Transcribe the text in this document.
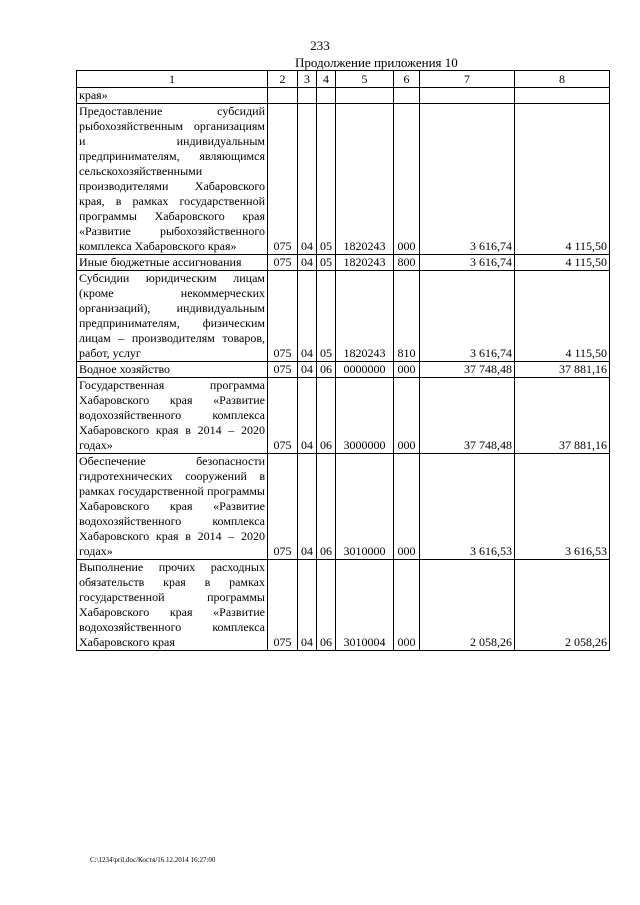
233
Продолжение приложения 10
1	2	3	4	5	6	7	8

края»							

Предоставление субсидий рыбохозяйственным организациям и индивидуальным предпринимателям, являющимся сельскохозяйственными производителями Хабаровского края, в рамках государственной программы Хабаровского края «Развитие рыбохозяйственного комплекса Хабаровского края»	075	04	05	1820243	000	3 616,74	4 115,50

Иные бюджетные ассигнования	075	04	05	1820243	800	3 616,74	4 115,50

Субсидии юридическим лицам (кроме некоммерческих организаций), индивидуальным предпринимателям, физическим лицам – производителям товаров, работ, услуг	075	04	05	1820243	810	3 616,74	4 115,50

Водное хозяйство	075	04	06	0000000	000	37 748,48	37 881,16

Государственная программа Хабаровского края «Развитие водохозяйственного комплекса Хабаровского края в 2014 – 2020 годах»	075	04	06	3000000	000	37 748,48	37 881,16

Обеспечение безопасности гидротехнических сооружений в рамках государственной программы Хабаровского края «Развитие водохозяйственного комплекса Хабаровского края в 2014 – 2020 годах»	075	04	06	3010000	000	3 616,53	3 616,53

Выполнение прочих расходных обязательств края в рамках государственной программы Хабаровского края «Развитие водохозяйственного комплекса Хабаровского края	075	04	06	3010004	000	2 058,26	2 058,26
C:\1234\pril.doc/Костя/16.12.2014 16:27:00
